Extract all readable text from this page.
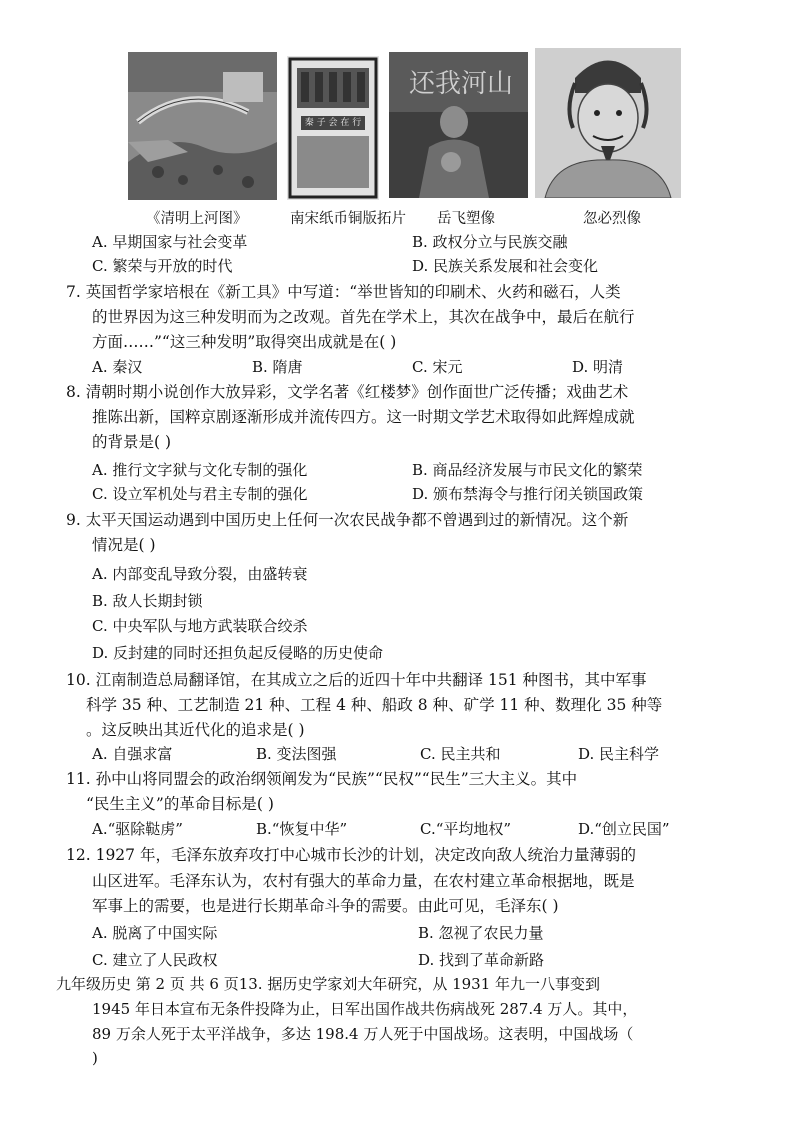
秦 子 会 在 行
还我河山
《清明上河图》	南宋纸币铜版拓片 岳飞塑像	忽必烈像
A. 早期国家与社会变革	B. 政权分立与民族交融
C. 繁荣与开放的时代	D. 民族关系发展和社会变化
7. 英国哲学家培根在《新工具》中写道：“举世皆知的印刷术、火药和磁石，人类
的世界因为这三种发明而为之改观。首先在学术上，其次在战争中，最后在航行
方面……”“这三种发明”取得突出成就是在( )
A. 秦汉	B. 隋唐	C. 宋元	D. 明清
8. 清朝时期小说创作大放异彩，文学名著《红楼梦》创作面世广泛传播；戏曲艺术
推陈出新，国粹京剧逐渐形成并流传四方。这一时期文学艺术取得如此辉煌成就
的背景是( )
A. 推行文字狱与文化专制的强化	B. 商品经济发展与市民文化的繁荣
C. 设立军机处与君主专制的强化	D. 颁布禁海令与推行闭关锁国政策
9. 太平天国运动遇到中国历史上任何一次农民战争都不曾遇到过的新情况。这个新
情况是( )
A. 内部变乱导致分裂，由盛转衰
B. 敌人长期封锁
C. 中央军队与地方武装联合绞杀
D. 反封建的同时还担负起反侵略的历史使命
10. 江南制造总局翻译馆，在其成立之后的近四十年中共翻译 151 种图书，其中军事
科学 35 种、工艺制造 21 种、工程 4 种、船政 8 种、矿学 11 种、数理化 35 种等
。这反映出其近代化的追求是( )
A. 自强求富	B. 变法图强	C. 民主共和	D. 民主科学
11. 孙中山将同盟会的政治纲领阐发为“民族”“民权”“民生”三大主义。其中
“民生主义”的革命目标是( )
A.“驱除鞑虏”	B.“恢复中华”	C.“平均地权”	D.“创立民国”
12. 1927 年，毛泽东放弃攻打中心城市长沙的计划，决定改向敌人统治力量薄弱的
山区进军。毛泽东认为，农村有强大的革命力量，在农村建立革命根据地，既是
军事上的需要，也是进行长期革命斗争的需要。由此可见，毛泽东( )
A. 脱离了中国实际	B. 忽视了农民力量
C. 建立了人民政权	D. 找到了革命新路
九年级历史 第 2 页 共 6 页13. 据历史学家刘大年研究，从 1931 年九一八事变到
1945 年日本宣布无条件投降为止，日军出国作战共伤病战死 287.4 万人。其中，
89 万余人死于太平洋战争，多达 198.4 万人死于中国战场。这表明，中国战场（
)
